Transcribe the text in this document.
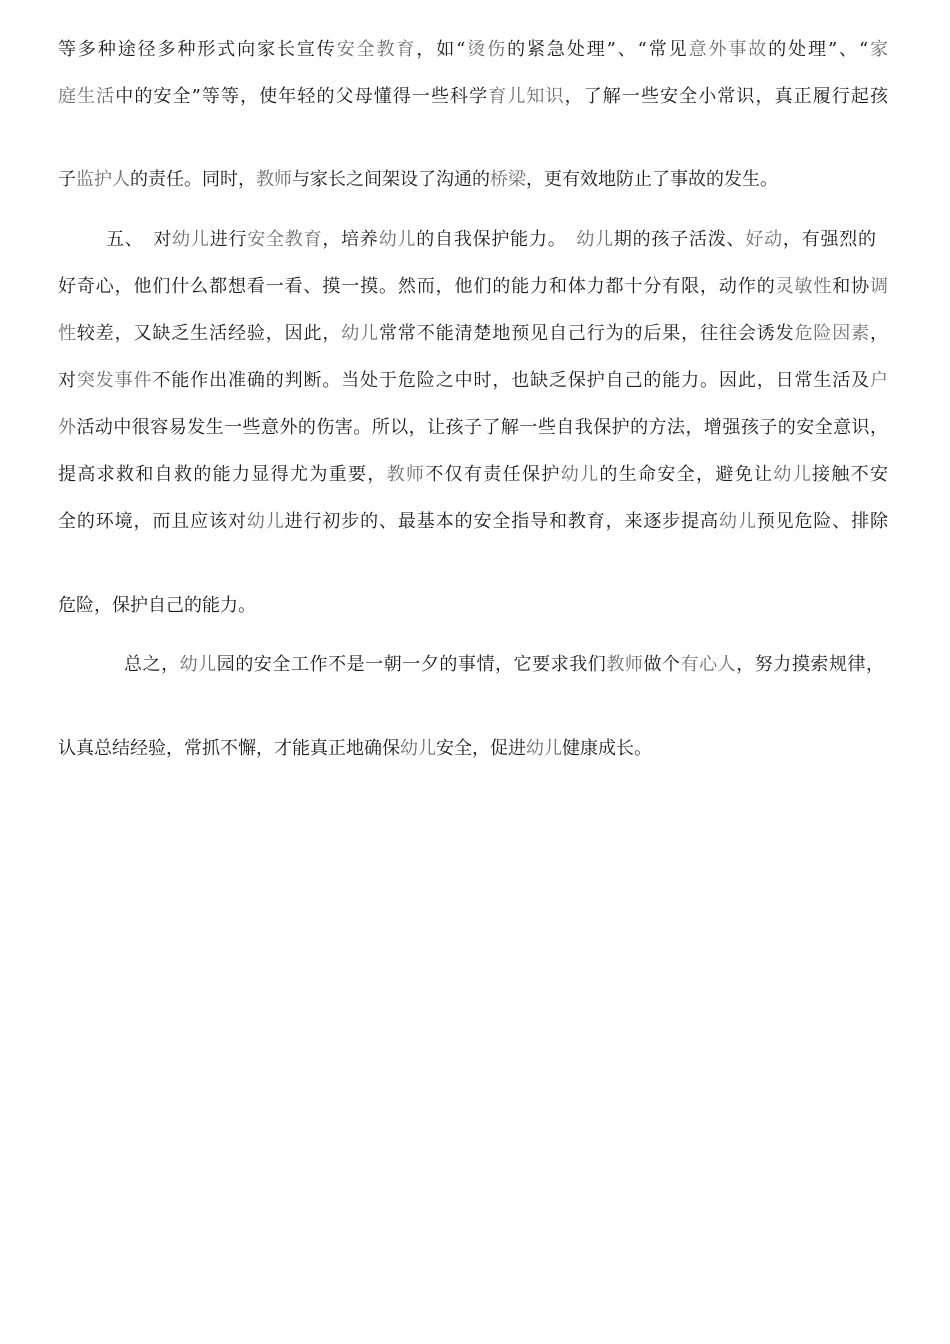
等多种途径多种形式向家长宣传安全教育，如“烫伤的紧急处理”、“常见意外事故的处理”、“家
庭生活中的安全”等等，使年轻的父母懂得一些科学育儿知识，了解一些安全小常识，真正履行起孩
子监护人的责任。同时，教师与家长之间架设了沟通的桥梁，更有效地防止了事故的发生。
五、　对幼儿进行安全教育，培养幼儿的自我保护能力。　幼儿期的孩子活泼、好动，有强烈的
好奇心，他们什么都想看一看、摸一摸。然而，他们的能力和体力都十分有限，动作的灵敏性和协调
性较差，又缺乏生活经验，因此，幼儿常常不能清楚地预见自己行为的后果，往往会诱发危险因素，
对突发事件不能作出准确的判断。当处于危险之中时，也缺乏保护自己的能力。因此，日常生活及户
外活动中很容易发生一些意外的伤害。所以，让孩子了解一些自我保护的方法，增强孩子的安全意识，
提高求救和自救的能力显得尤为重要，教师不仅有责任保护幼儿的生命安全，避免让幼儿接触不安
全的环境，而且应该对幼儿进行初步的、最基本的安全指导和教育，来逐步提高幼儿预见危险、排除
危险，保护自己的能力。
总之，幼儿园的安全工作不是一朝一夕的事情，它要求我们教师做个有心人，努力摸索规律，
认真总结经验，常抓不懈，才能真正地确保幼儿安全，促进幼儿健康成长。
